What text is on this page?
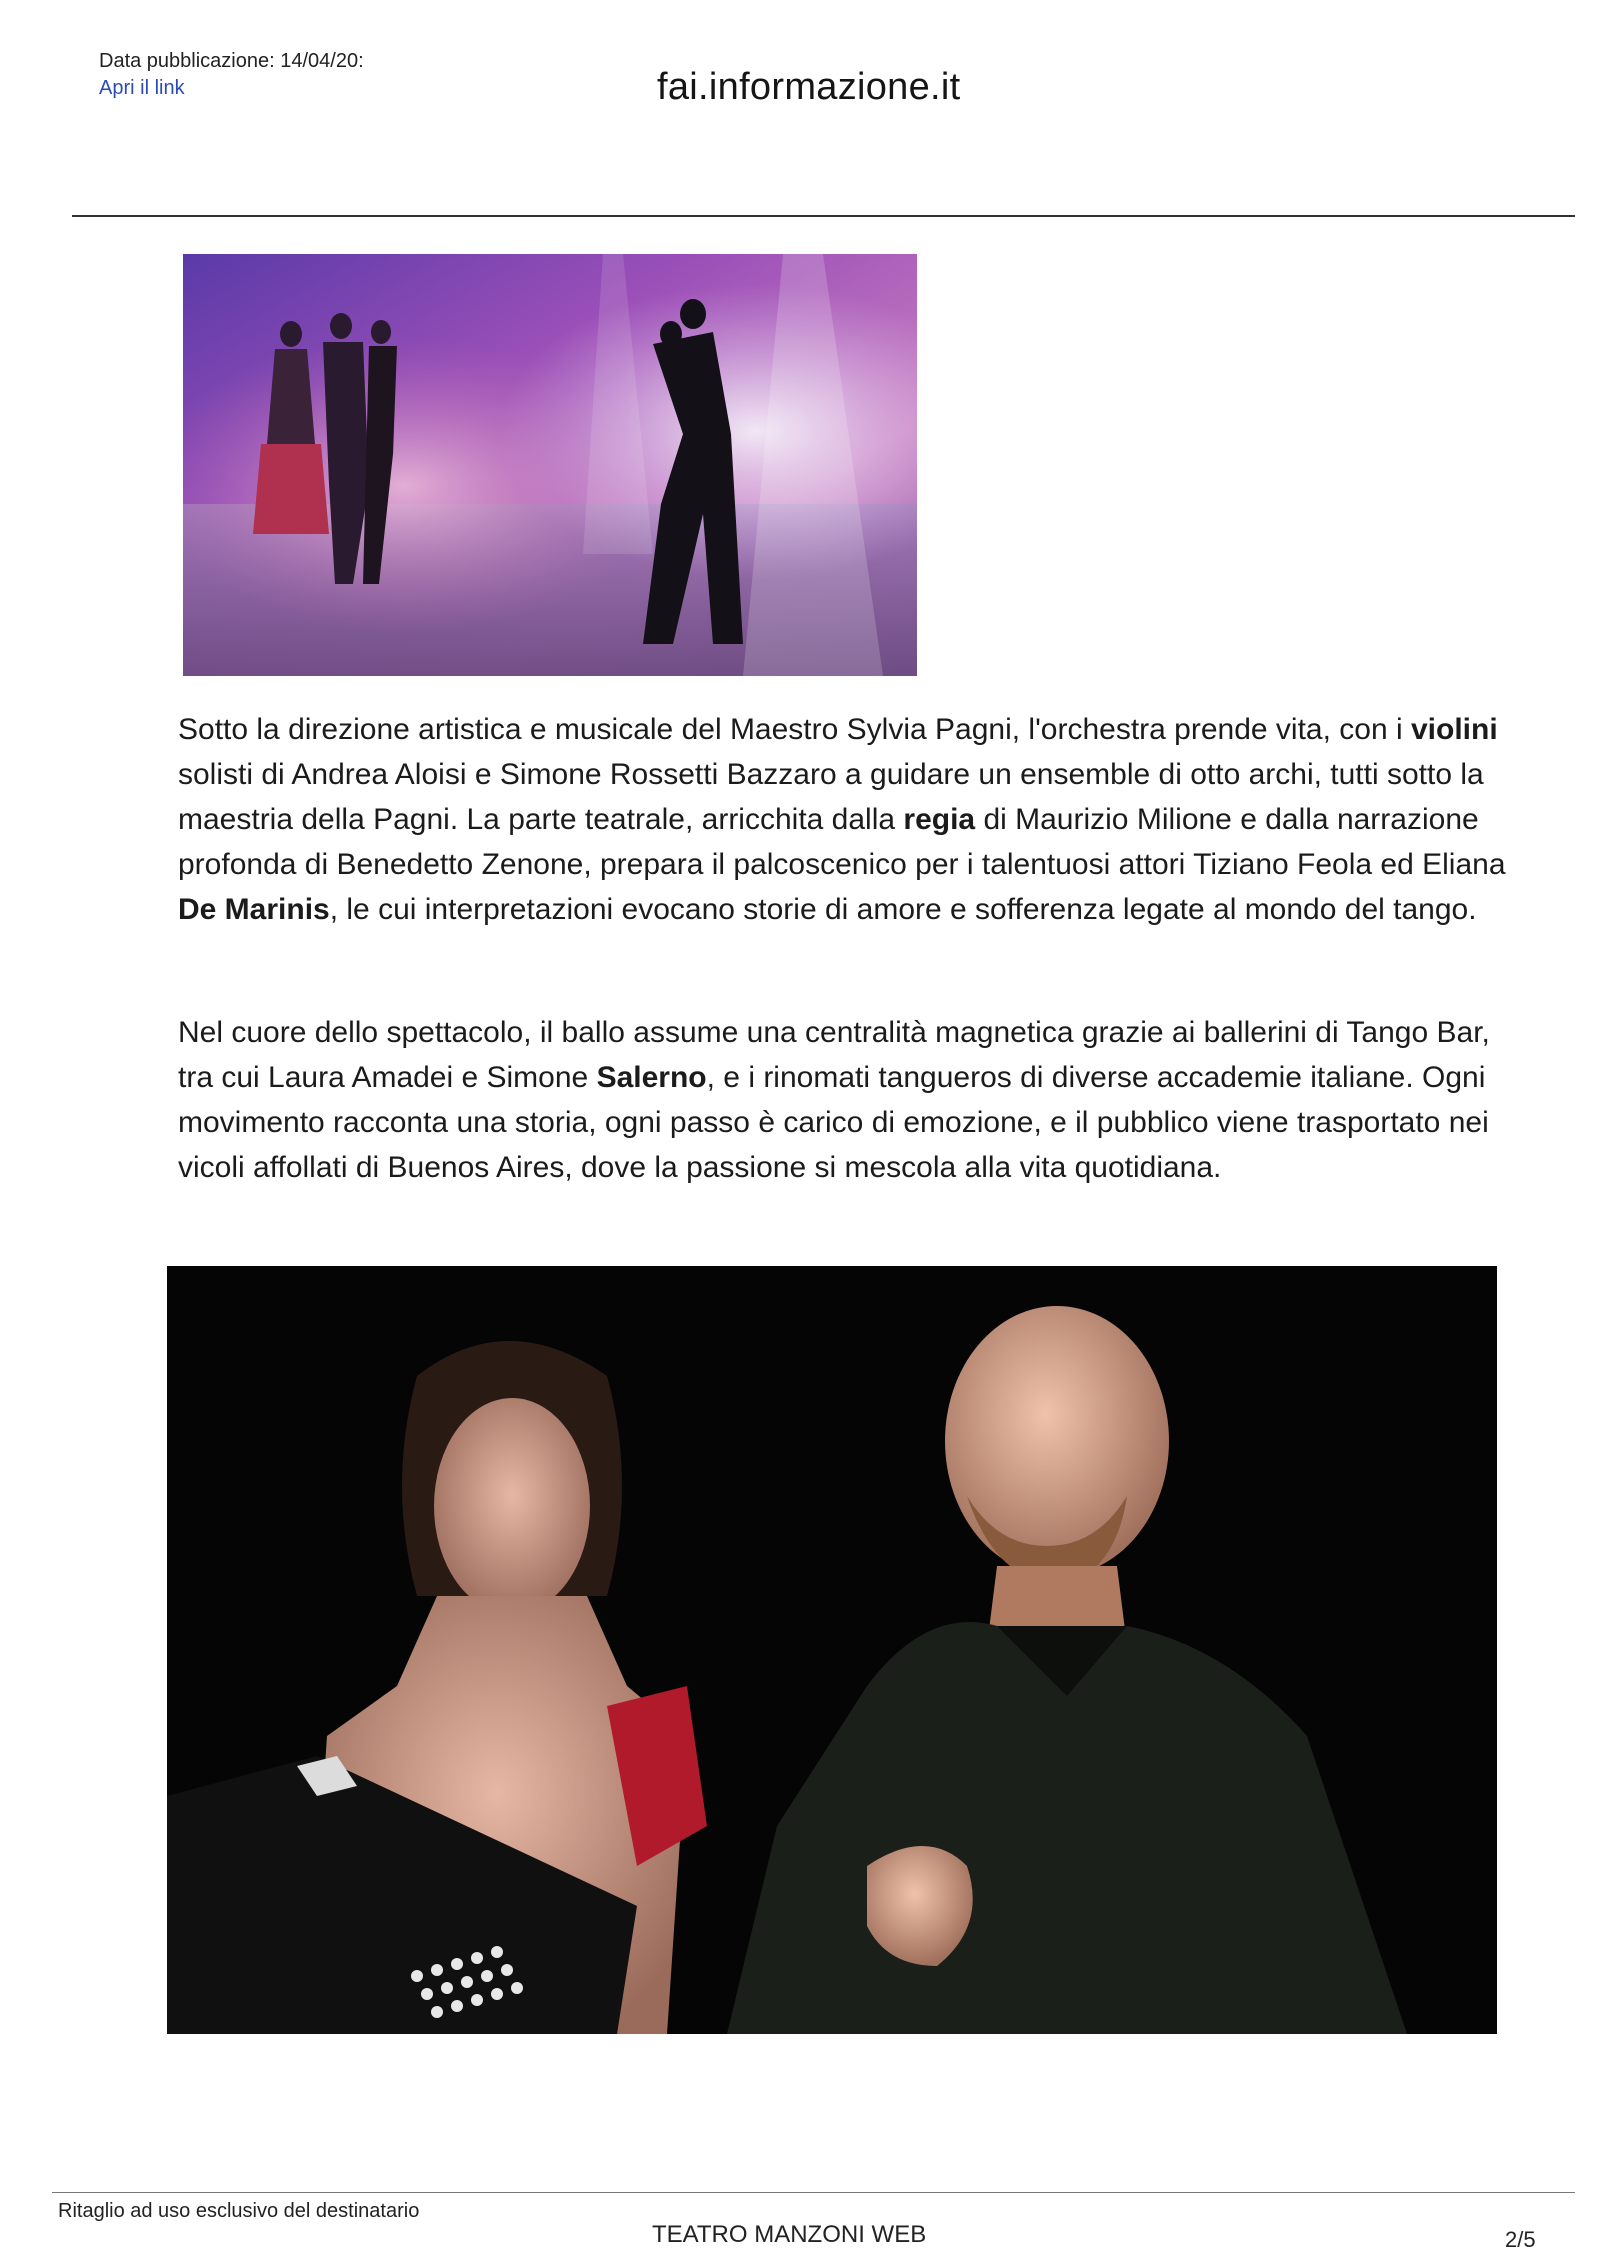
Data pubblicazione: 14/04/20:
Apri il link	fai.informazione.it

Sotto la direzione artistica e musicale del Maestro Sylvia Pagni, l'orchestra prende vita, con i violini solisti di Andrea Aloisi e Simone Rossetti Bazzaro a guidare un ensemble di otto archi, tutti sotto la maestria della Pagni. La parte teatrale, arricchita dalla regia di Maurizio Milione e dalla narrazione profonda di Benedetto Zenone, prepara il palcoscenico per i talentuosi attori Tiziano Feola ed Eliana De Marinis, le cui interpretazioni evocano storie di amore e sofferenza legate al mondo del tango.

Nel cuore dello spettacolo, il ballo assume una centralità magnetica grazie ai ballerini di Tango Bar, tra cui Laura Amadei e Simone Salerno, e i rinomati tangueros di diverse accademie italiane. Ogni movimento racconta una storia, ogni passo è carico di emozione, e il pubblico viene trasportato nei vicoli affollati di Buenos Aires, dove la passione si mescola alla vita quotidiana.

Ritaglio ad uso esclusivo del destinatario
TEATRO MANZONI WEB	2/5
